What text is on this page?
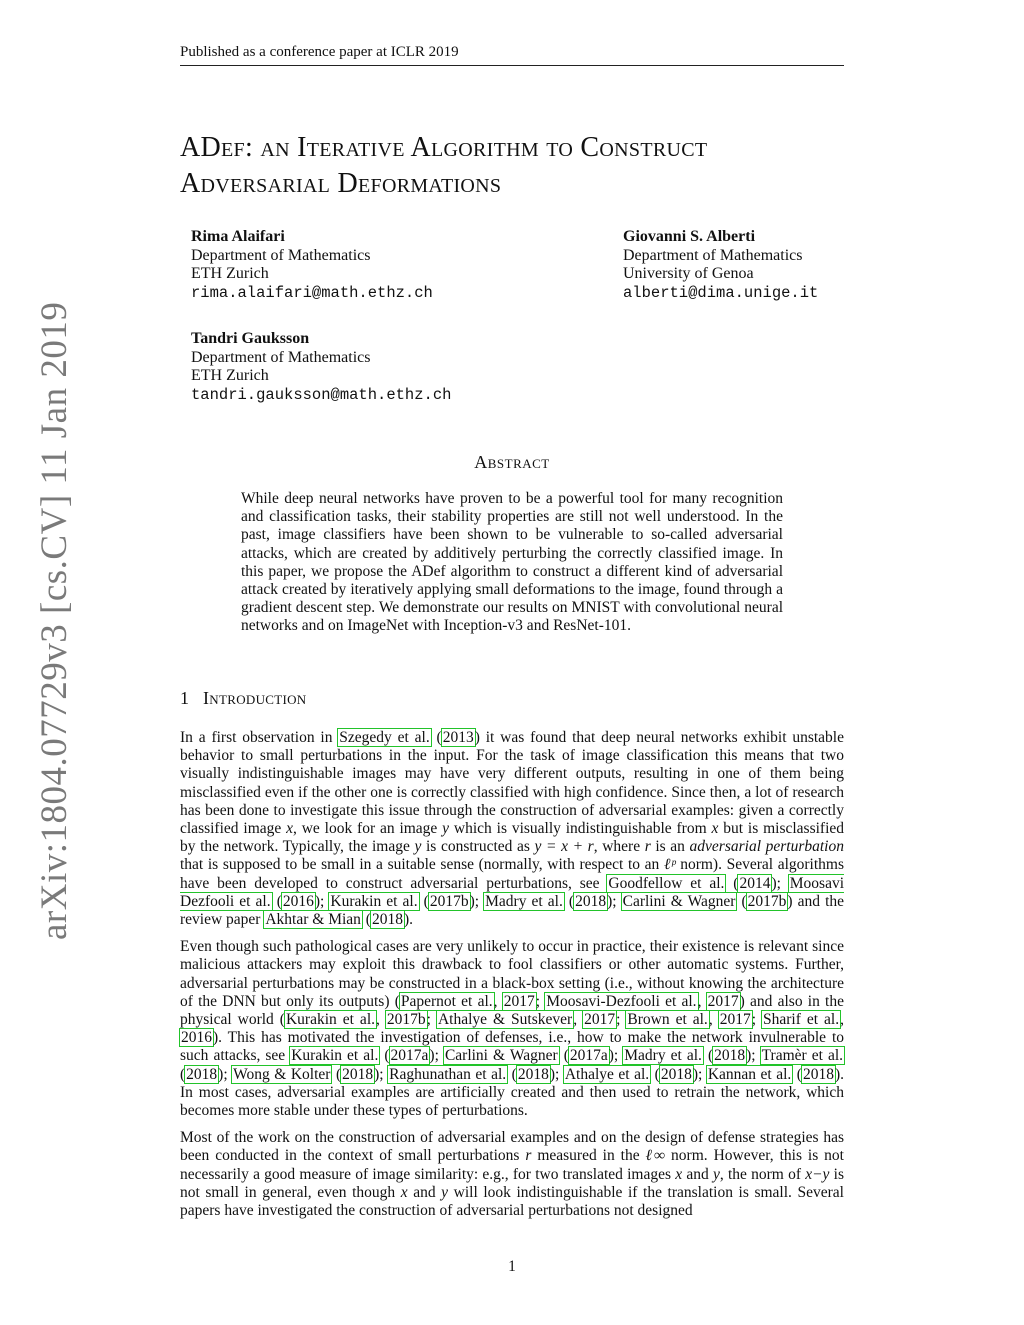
Published as a conference paper at ICLR 2019
ADef: an Iterative Algorithm to Construct
Adversarial Deformations
Rima Alaifari
Department of Mathematics
ETH Zurich
rima.alaifari@math.ethz.ch
Giovanni S. Alberti
Department of Mathematics
University of Genoa
alberti@dima.unige.it
Tandri Gauksson
Department of Mathematics
ETH Zurich
tandri.gauksson@math.ethz.ch
Abstract
While deep neural networks have proven to be a powerful tool for many recognition and classification tasks, their stability properties are still not well understood. In the past, image classifiers have been shown to be vulnerable to so-called adversarial attacks, which are created by additively perturbing the correctly classified image. In this paper, we propose the ADef algorithm to construct a different kind of adversarial attack created by iteratively applying small deformations to the image, found through a gradient descent step. We demonstrate our results on MNIST with convolutional neural networks and on ImageNet with Inception-v3 and ResNet-101.
1 Introduction

In a first observation in Szegedy et al. (2013) it was found that deep neural networks exhibit unstable behavior to small perturbations in the input. For the task of image classification this means that two visually indistinguishable images may have very different outputs, resulting in one of them being misclassified even if the other one is correctly classified with high confidence. Since then, a lot of research has been done to investigate this issue through the construction of adversarial examples: given a correctly classified image x, we look for an image y which is visually indistinguishable from x but is misclassified by the network. Typically, the image y is constructed as y = x + r, where r is an adversarial perturbation that is supposed to be small in a suitable sense (normally, with respect to an ℓᵖ norm). Several algorithms have been developed to construct adversarial perturbations, see Goodfellow et al. (2014); Moosavi Dezfooli et al. (2016); Kurakin et al. (2017b); Madry et al. (2018); Carlini & Wagner (2017b) and the review paper Akhtar & Mian (2018).

Even though such pathological cases are very unlikely to occur in practice, their existence is relevant since malicious attackers may exploit this drawback to fool classifiers or other automatic systems. Further, adversarial perturbations may be constructed in a black-box setting (i.e., without knowing the architecture of the DNN but only its outputs) (Papernot et al., 2017; Moosavi-Dezfooli et al., 2017) and also in the physical world (Kurakin et al., 2017b; Athalye & Sutskever, 2017; Brown et al., 2017; Sharif et al., 2016). This has motivated the investigation of defenses, i.e., how to make the network invulnerable to such attacks, see Kurakin et al. (2017a); Carlini & Wagner (2017a); Madry et al. (2018); Tramèr et al. (2018); Wong & Kolter (2018); Raghunathan et al. (2018); Athalye et al. (2018); Kannan et al. (2018). In most cases, adversarial examples are artificially created and then used to retrain the network, which becomes more stable under these types of perturbations.

Most of the work on the construction of adversarial examples and on the design of defense strategies has been conducted in the context of small perturbations r measured in the ℓ∞ norm. However, this is not necessarily a good measure of image similarity: e.g., for two translated images x and y, the norm of x−y is not small in general, even though x and y will look indistinguishable if the translation is small. Several papers have investigated the construction of adversarial perturbations not designed

arXiv:1804.07729v3 [cs.CV] 11 Jan 2019
1
